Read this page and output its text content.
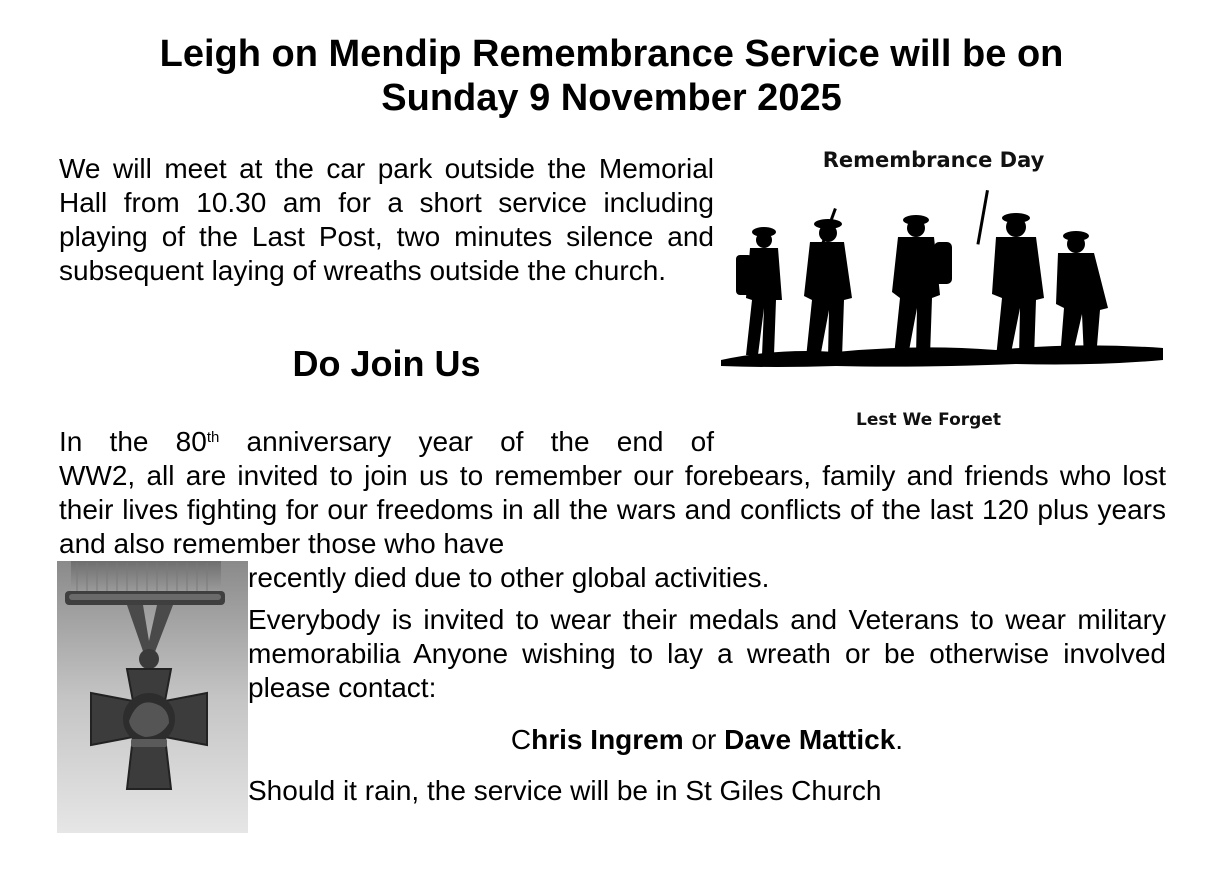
Leigh on Mendip Remembrance Service will be on
Sunday 9 November 2025

We will meet at the car park outside the Memorial Hall from 10.30 am for a short service including playing of the Last Post, two minutes silence and subsequent laying of wreaths outside the church.

Do Join Us

In the 80th anniversary year of the end of

WW2, all are invited to join us to remember our forebears, family and friends who lost their lives fighting for our freedoms in all the wars and conflicts of the last 120 plus years and also remember those who have

recently died due to other global activities.

Everybody is invited to wear their medals and Veterans to wear military memorabilia Anyone wishing to lay a wreath or be otherwise involved please contact:

Chris Ingrem or Dave Mattick.
Should it rain, the service will be in St Giles Church
Remembrance Day
Lest We Forget
